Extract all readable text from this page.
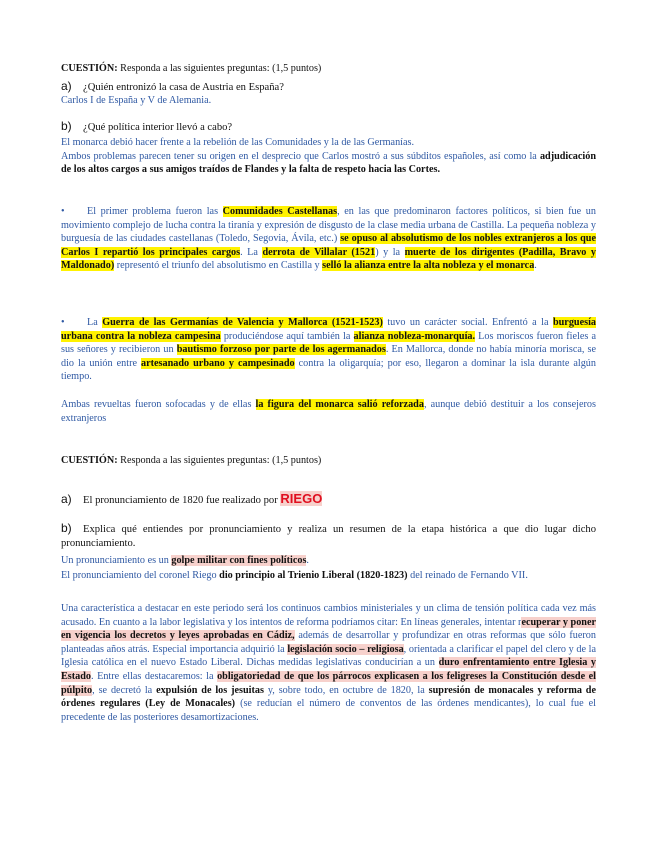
CUESTIÓN: Responda a las siguientes preguntas: (1,5 puntos)
a) ¿Quién entronizó la casa de Austria en España?
Carlos I de España y V de Alemania.
b) ¿Qué política interior llevó a cabo?
El monarca debió hacer frente a la rebelión de las Comunidades y la de las Germanías.
Ambos problemas parecen tener su origen en el desprecio que Carlos mostró a sus súbditos españoles, así como la adjudicación de los altos cargos a sus amigos traídos de Flandes y la falta de respeto hacia las Cortes.
• El primer problema fueron las Comunidades Castellanas, en las que predominaron factores políticos, si bien fue un movimiento complejo de lucha contra la tiranía y expresión de disgusto de la clase media urbana de Castilla. La pequeña nobleza y burguesía de las ciudades castellanas (Toledo, Segovia, Ávila, etc.) se opuso al absolutismo de los nobles extranjeros a los que Carlos I repartió los principales cargos. La derrota de Villalar (1521) y la muerte de los dirigentes (Padilla, Bravo y Maldonado) representó el triunfo del absolutismo en Castilla y selló la alianza entre la alta nobleza y el monarca.
• La Guerra de las Germanías de Valencia y Mallorca (1521-1523) tuvo un carácter social. Enfrentó a la burguesía urbana contra la nobleza campesina produciéndose aquí también la alianza nobleza-monarquía. Los moriscos fueron fieles a sus señores y recibieron un bautismo forzoso por parte de los agermanados. En Mallorca, donde no había minoría morisca, se dio la unión entre artesanado urbano y campesinado contra la oligarquía; por eso, llegaron a dominar la isla durante algún tiempo.
Ambas revueltas fueron sofocadas y de ellas la figura del monarca salió reforzada, aunque debió destituir a los consejeros extranjeros
CUESTIÓN: Responda a las siguientes preguntas: (1,5 puntos)
a) El pronunciamiento de 1820 fue realizado por RIEGO
b) Explica qué entiendes por pronunciamiento y realiza un resumen de la etapa histórica a que dio lugar dicho pronunciamiento.
Un pronunciamiento es un golpe militar con fines políticos.
El pronunciamiento del coronel Riego dio principio al Trienio Liberal (1820-1823) del reinado de Fernando VII.
Una característica a destacar en este periodo será los continuos cambios ministeriales y un clima de tensión política cada vez más acusado. En cuanto a la labor legislativa y los intentos de reforma podríamos citar: En líneas generales, intentar recuperar y poner en vigencia los decretos y leyes aprobadas en Cádiz, además de desarrollar y profundizar en otras reformas que sólo fueron planteadas años atrás. Especial importancia adquirió la legislación socio – religiosa, orientada a clarificar el papel del clero y de la Iglesia católica en el nuevo Estado Liberal. Dichas medidas legislativas conducirían a un duro enfrentamiento entre Iglesia y Estado. Entre ellas destacaremos: la obligatoriedad de que los párrocos explicasen a los feligreses la Constitución desde el púlpito, se decretó la expulsión de los jesuitas y, sobre todo, en octubre de 1820, la supresión de monacales y reforma de órdenes regulares (Ley de Monacales) (se reducían el número de conventos de las órdenes mendicantes), lo cual fue el precedente de las posteriores desamortizaciones.
